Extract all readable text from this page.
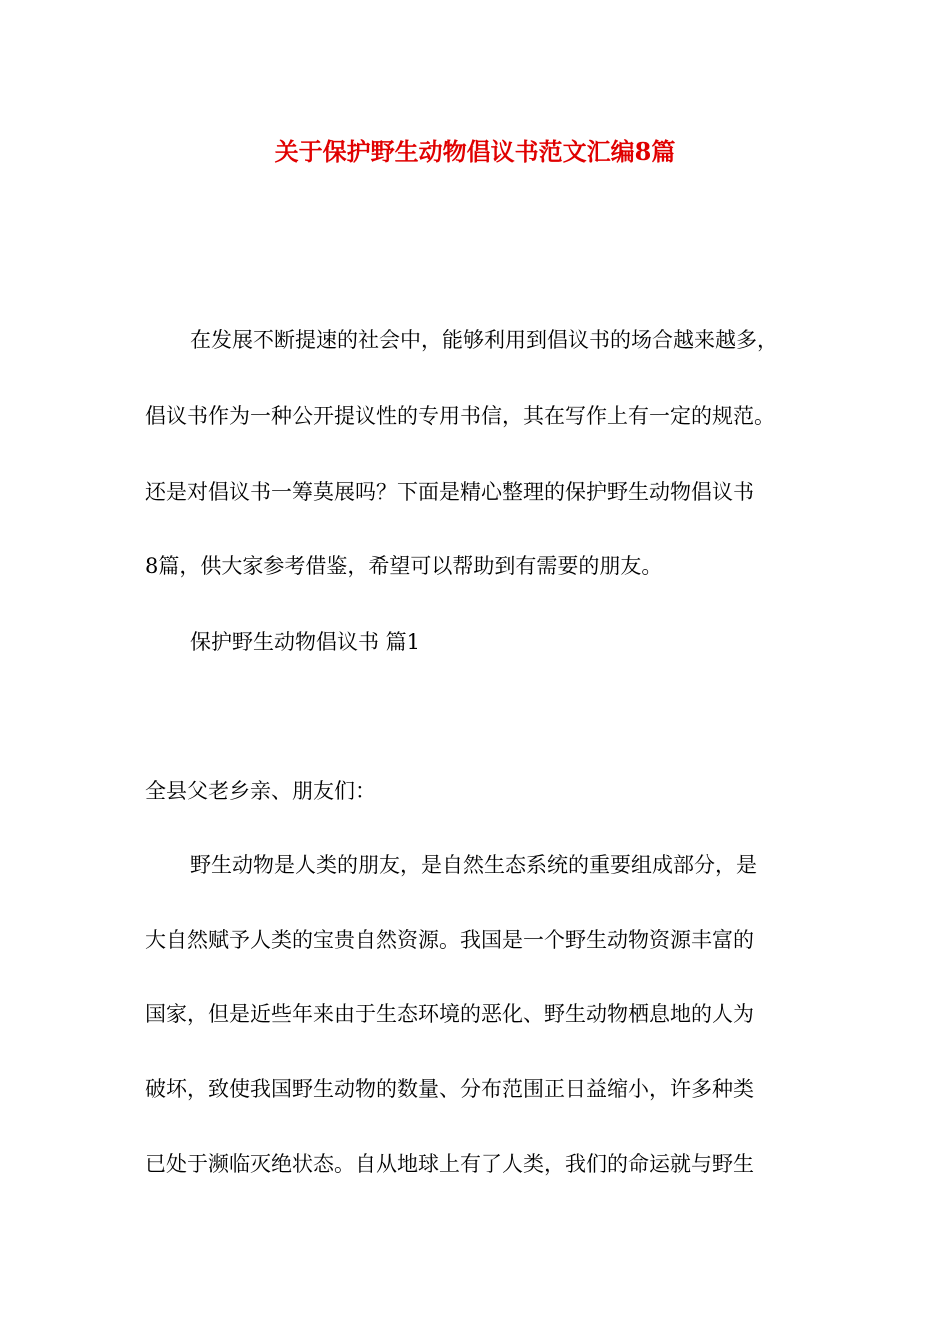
关于保护野生动物倡议书范文汇编8篇
在发展不断提速的社会中，能够利用到倡议书的场合越来越多，
倡议书作为一种公开提议性的专用书信，其在写作上有一定的规范。
还是对倡议书一筹莫展吗？下面是精心整理的保护野生动物倡议书
8篇，供大家参考借鉴，希望可以帮助到有需要的朋友。
保护野生动物倡议书 篇1
全县父老乡亲、朋友们：
野生动物是人类的朋友，是自然生态系统的重要组成部分，是
大自然赋予人类的宝贵自然资源。我国是一个野生动物资源丰富的
国家，但是近些年来由于生态环境的恶化、野生动物栖息地的人为
破坏，致使我国野生动物的数量、分布范围正日益缩小，许多种类
已处于濒临灭绝状态。自从地球上有了人类，我们的命运就与野生
